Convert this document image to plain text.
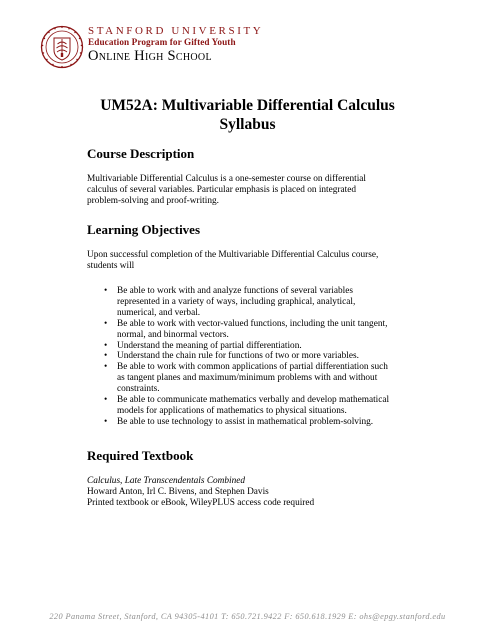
STANFORD UNIVERSITY
Education Program for Gifted Youth
Online High School
UM52A: Multivariable Differential Calculus
Syllabus
Course Description
Multivariable Differential Calculus is a one-semester course on differential
calculus of several variables. Particular emphasis is placed on integrated
problem-solving and proof-writing.
Learning Objectives
Upon successful completion of the Multivariable Differential Calculus course,
students will
•	Be able to work with and analyze functions of several variables
represented in a variety of ways, including graphical, analytical,
numerical, and verbal.
•	Be able to work with vector-valued functions, including the unit tangent,
normal, and binormal vectors.
•	Understand the meaning of partial differentiation.
•	Understand the chain rule for functions of two or more variables.
•	Be able to work with common applications of partial differentiation such
as tangent planes and maximum/minimum problems with and without
constraints.
•	Be able to communicate mathematics verbally and develop mathematical
models for applications of mathematics to physical situations.
•	Be able to use technology to assist in mathematical problem-solving.
Required Textbook
Calculus, Late Transcendentals Combined
Howard Anton, Irl C. Bivens, and Stephen Davis
Printed textbook or eBook, WileyPLUS access code required
220 Panama Street, Stanford, CA 94305-4101 T: 650.721.9422 F: 650.618.1929 E: ohs@epgy.stanford.edu
